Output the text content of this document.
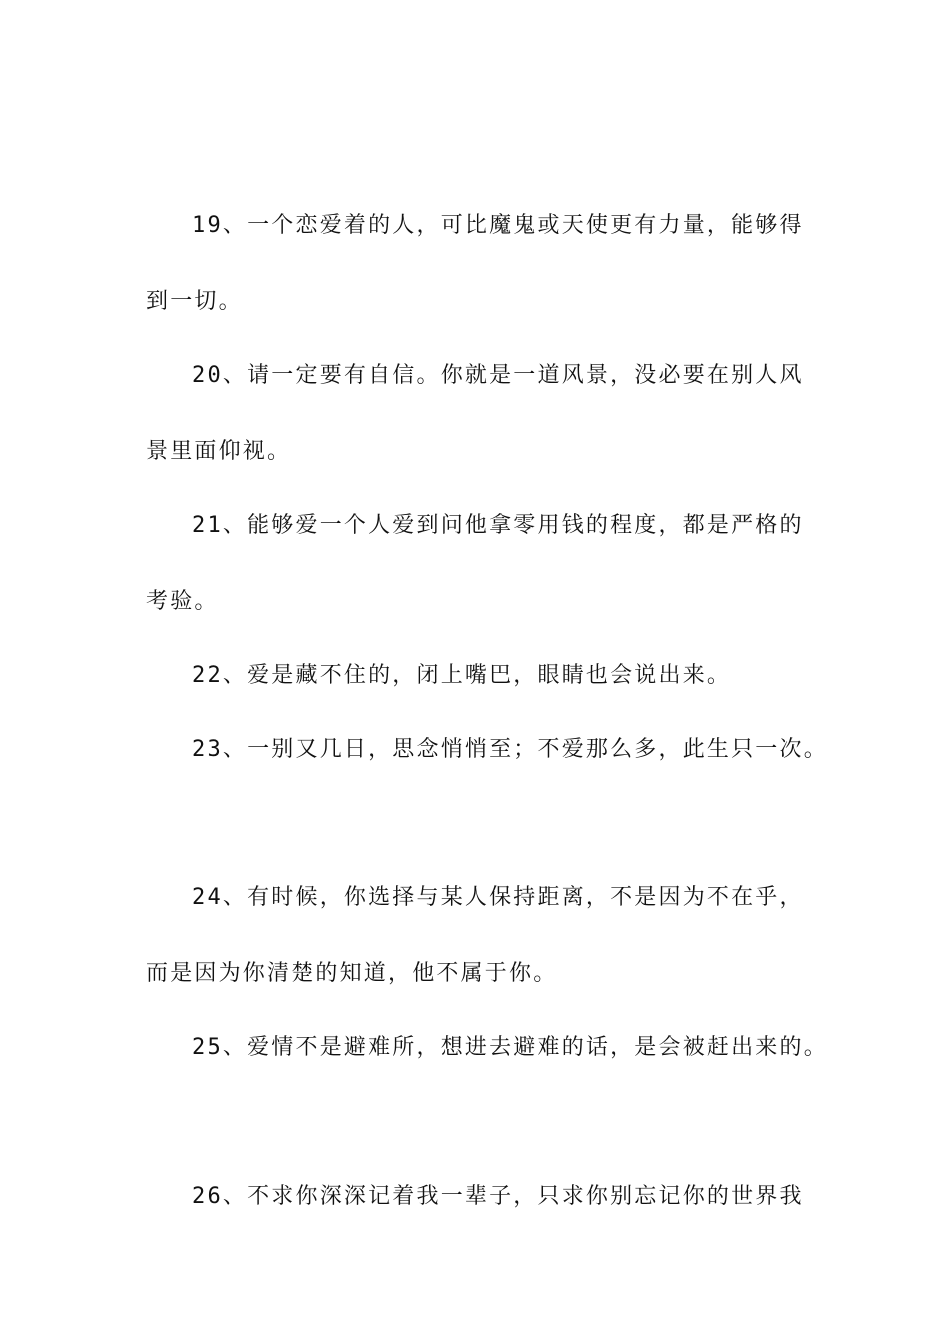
19、一个恋爱着的人，可比魔鬼或天使更有力量，能够得
到一切。
20、请一定要有自信。你就是一道风景，没必要在别人风
景里面仰视。
21、能够爱一个人爱到问他拿零用钱的程度，都是严格的
考验。
22、爱是藏不住的，闭上嘴巴，眼睛也会说出来。
23、一别又几日，思念悄悄至；不爱那么多，此生只一次。
24、有时候，你选择与某人保持距离，不是因为不在乎，
而是因为你清楚的知道，他不属于你。
25、爱情不是避难所，想进去避难的话，是会被赶出来的。
26、不求你深深记着我一辈子，只求你别忘记你的世界我
